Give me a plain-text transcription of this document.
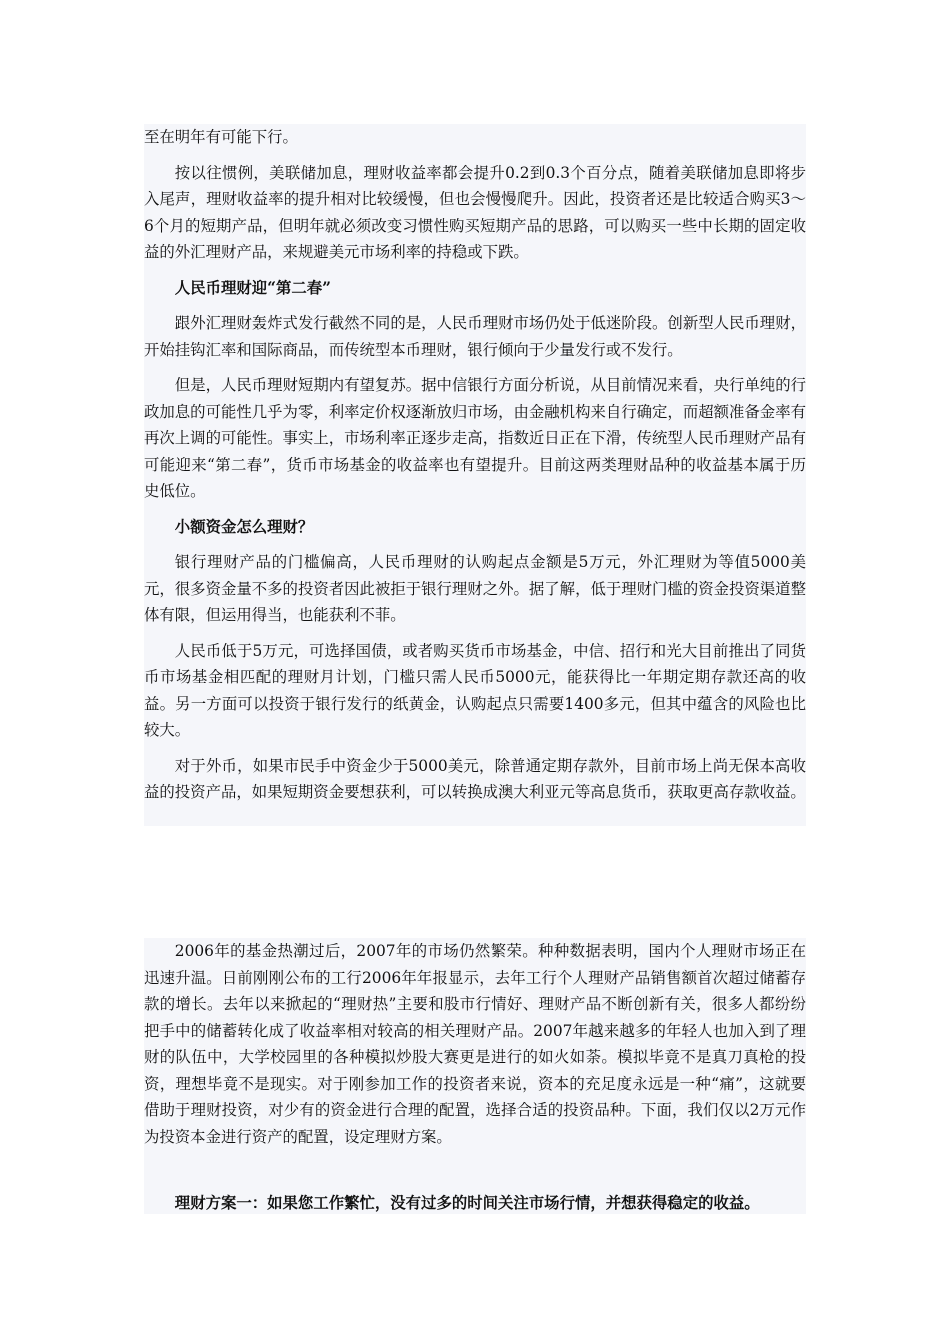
至在明年有可能下行。

按以往惯例，美联储加息，理财收益率都会提升0.2到0.3个百分点，随着美联储加息即将步入尾声，理财收益率的提升相对比较缓慢，但也会慢慢爬升。因此，投资者还是比较适合购买3～6个月的短期产品，但明年就必须改变习惯性购买短期产品的思路，可以购买一些中长期的固定收益的外汇理财产品，来规避美元市场利率的持稳或下跌。

人民币理财迎“第二春”

跟外汇理财轰炸式发行截然不同的是，人民币理财市场仍处于低迷阶段。创新型人民币理财，开始挂钩汇率和国际商品，而传统型本币理财，银行倾向于少量发行或不发行。

但是，人民币理财短期内有望复苏。据中信银行方面分析说，从目前情况来看，央行单纯的行政加息的可能性几乎为零，利率定价权逐渐放归市场，由金融机构来自行确定，而超额准备金率有再次上调的可能性。事实上，市场利率正逐步走高，指数近日正在下滑，传统型人民币理财产品有可能迎来“第二春”，货币市场基金的收益率也有望提升。目前这两类理财品种的收益基本属于历史低位。

小额资金怎么理财？

银行理财产品的门槛偏高，人民币理财的认购起点金额是5万元，外汇理财为等值5000美元，很多资金量不多的投资者因此被拒于银行理财之外。据了解，低于理财门槛的资金投资渠道整体有限，但运用得当，也能获利不菲。

人民币低于5万元，可选择国债，或者购买货币市场基金，中信、招行和光大目前推出了同货币市场基金相匹配的理财月计划，门槛只需人民币5000元，能获得比一年期定期存款还高的收益。另一方面可以投资于银行发行的纸黄金，认购起点只需要1400多元，但其中蕴含的风险也比较大。

对于外币，如果市民手中资金少于5000美元，除普通定期存款外，目前市场上尚无保本高收益的投资产品，如果短期资金要想获利，可以转换成澳大利亚元等高息货币，获取更高存款收益。

2006年的基金热潮过后，2007年的市场仍然繁荣。种种数据表明，国内个人理财市场正在迅速升温。日前刚刚公布的工行2006年年报显示，去年工行个人理财产品销售额首次超过储蓄存款的增长。去年以来掀起的“理财热”主要和股市行情好、理财产品不断创新有关，很多人都纷纷把手中的储蓄转化成了收益率相对较高的相关理财产品。2007年越来越多的年轻人也加入到了理财的队伍中，大学校园里的各种模拟炒股大赛更是进行的如火如荼。模拟毕竟不是真刀真枪的投资，理想毕竟不是现实。对于刚参加工作的投资者来说，资本的充足度永远是一种“痛”，这就要借助于理财投资，对少有的资金进行合理的配置，选择合适的投资品种。下面，我们仅以2万元作为投资本金进行资产的配置，设定理财方案。

理财方案一：如果您工作繁忙，没有过多的时间关注市场行情，并想获得稳定的收益。
